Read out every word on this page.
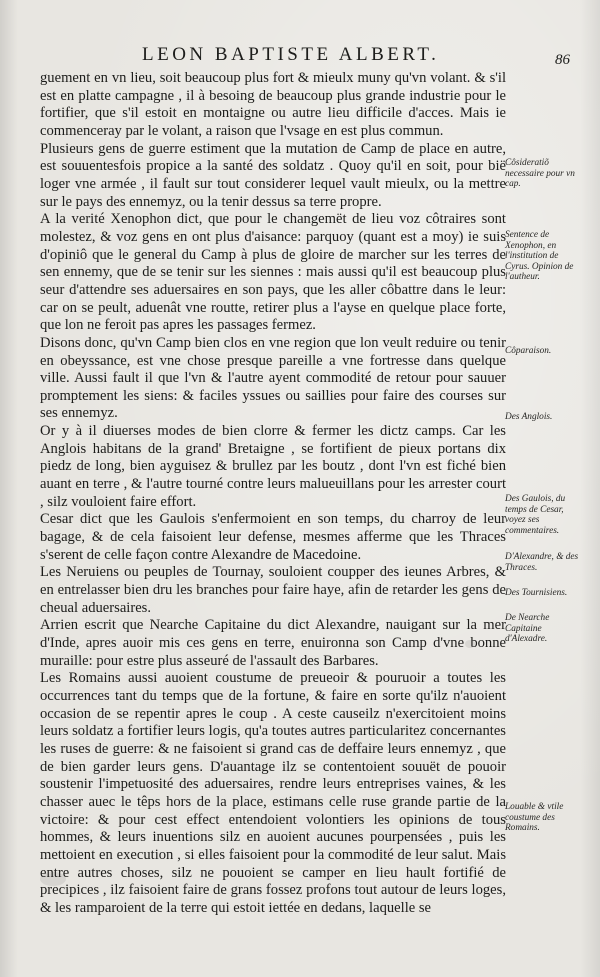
LEON BAPTISTE ALBERT.	86

guement en vn lieu, soit beaucoup plus fort & mieulx muny qu'vn volant. & s'il est en platte campagne , il à besoing de beaucoup plus grande industrie pour le fortifier, que s'il estoit en montaigne ou autre lieu difficile d'acces. Mais ie commenceray par le volant, a raison que l'vsage en est plus commun.

Plusieurs gens de guerre estiment que la mutation de Camp de place en autre, est souuentesfois propice a la santé des soldatz . Quoy qu'il en soit, pour bië loger vne armée , il fault sur tout considerer lequel vault mieulx, ou la mettre sur le pays des ennemyz, ou la tenir dessus sa terre propre.

A la verité Xenophon dict, que pour le changemët de lieu voz côtraires sont molestez, & voz gens en ont plus d'aisance: parquoy (quant est a moy) ie suis d'opiniô que le general du Camp à plus de gloire de marcher sur les terres de sen ennemy, que de se tenir sur les siennes : mais aussi qu'il est beaucoup plus seur d'attendre ses aduersaires en son pays, que les aller côbattre dans le leur: car on se peult, aduenât vne routte, retirer plus a l'ayse en quelque place forte, que lon ne feroit pas apres les passages fermez.

Disons donc, qu'vn Camp bien clos en vne region que lon veult reduire ou tenir en obeyssance, est vne chose presque pareille a vne fortresse dans quelque ville. Aussi fault il que l'vn & l'autre ayent commodité de retour pour sauuer promptement les siens: & faciles yssues ou saillies pour faire des courses sur ses ennemyz.

Or y à il diuerses modes de bien clorre & fermer les dictz camps. Car les Anglois habitans de la grand' Bretaigne , se fortifient de pieux portans dix piedz de long, bien ayguisez & brullez par les boutz , dont l'vn est fiché bien auant en terre , & l'autre tourné contre leurs malueuillans pour les arrester court , silz vouloient faire effort.

Cesar dict que les Gaulois s'enfermoient en son temps, du charroy de leur bagage, & de cela faisoient leur defense, mesmes afferme que les Thraces s'serent de celle façon contre Alexandre de Macedoine.

Les Neruiens ou peuples de Tournay, souloient coupper des ieunes Arbres, & en entrelasser bien dru les branches pour faire haye, afin de retarder les gens de cheual aduersaires.

Arrien escrit que Nearche Capitaine du dict Alexandre, nauigant sur la mer d'Inde, apres auoir mis ces gens en terre, enuironna son Camp d'vne bonne muraille: pour estre plus asseuré de l'assault des Barbares.

Les Romains aussi auoient coustume de preueoir & pouruoir a toutes les occurrences tant du temps que de la fortune, & faire en sorte qu'ilz n'auoient occasion de se repentir apres le coup . A ceste causeilz n'exercitoient moins leurs soldatz a fortifier leurs logis, qu'a toutes autres particularitez concernantes les ruses de guerre: & ne faisoient si grand cas de deffaire leurs ennemyz , que de bien garder leurs gens. D'auantage ilz se contentoient souuët de pouoir soustenir l'impetuosité des aduersaires, rendre leurs entreprises vaines, & les chasser auec le têps hors de la place, estimans celle ruse grande partie de la victoire: & pour cest effect entendoient volontiers les opinions de tous hommes, & leurs inuentions silz en auoient aucunes pourpensées , puis les mettoient en execution , si elles faisoient pour la commodité de leur salut. Mais entre autres choses, silz ne pouoient se camper en lieu hault fortifié de precipices , ilz faisoient faire de grans fossez profons tout autour de leurs loges, & les ramparoient de la terre qui estoit iettée en dedans, laquelle se

Côsideratiõ necessaire pour vn cap.
Sentence de Xenophon, en l'institution de Cyrus. Opinion de l'autheur.
Côparaison.
Des Anglois.
Des Gaulois, du temps de Cesar, voyez ses commentaires.
D'Alexandre, & des Thraces.
Des Tournisiens.
De Nearche Capitaine d'Alexadre.
Louable & vtile coustume des Romains.
